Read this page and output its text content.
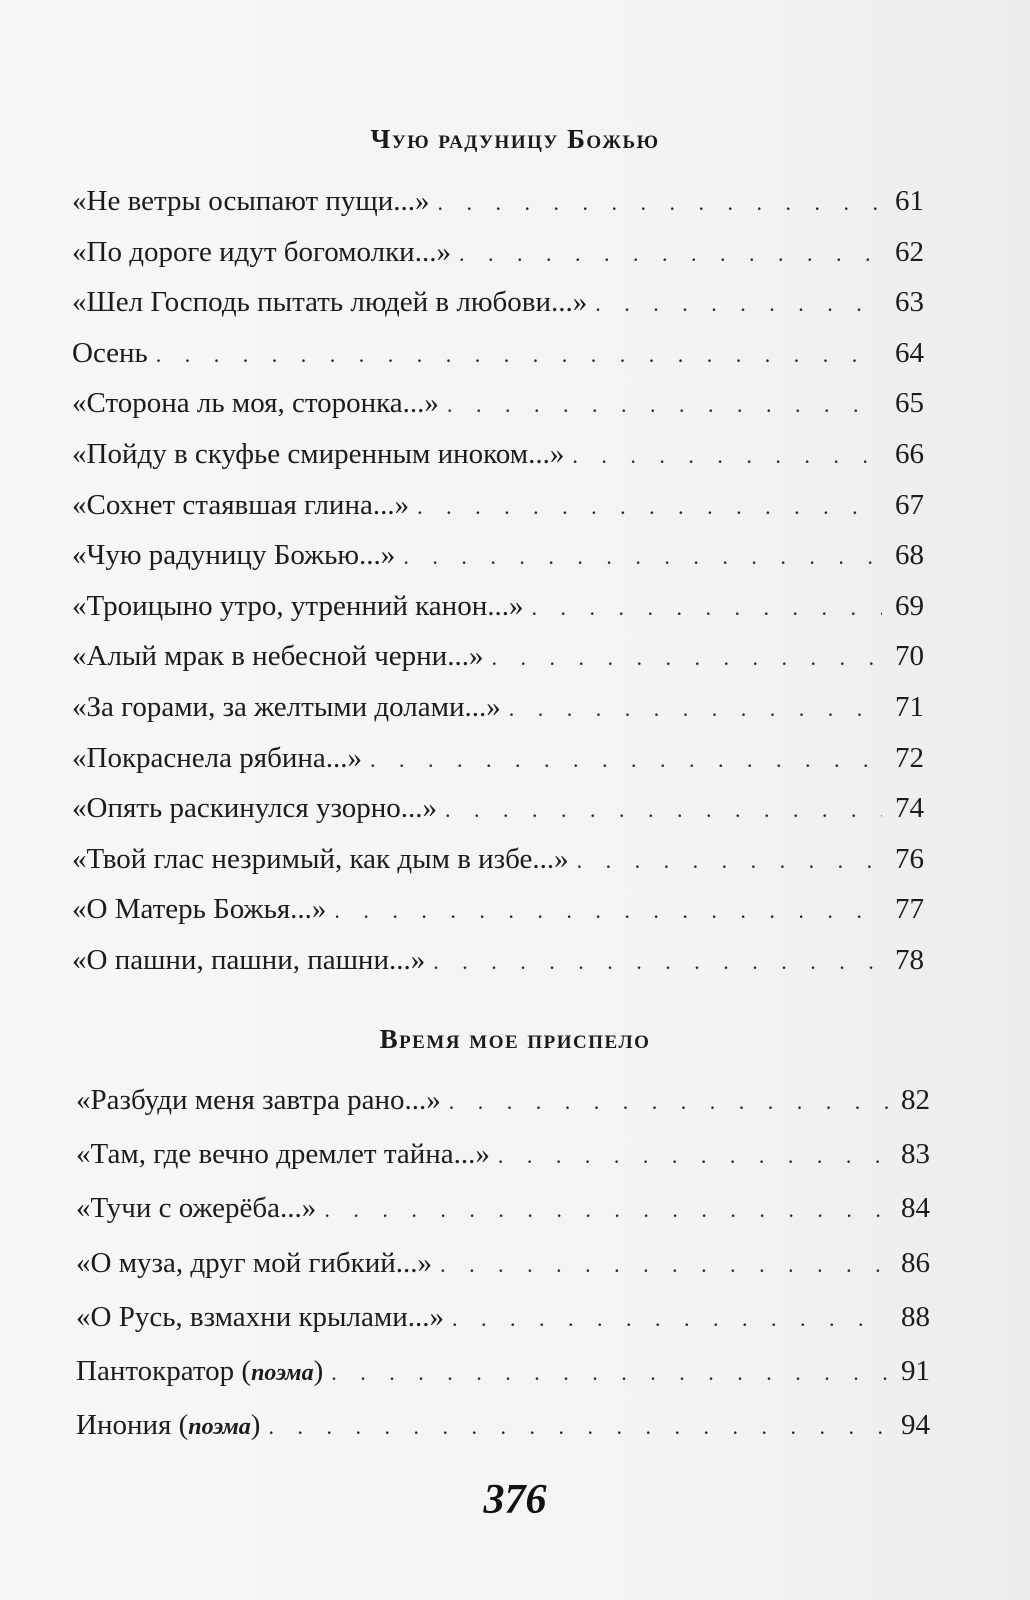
Чую радуницу Божью
«Не ветры осыпают пущи...» . . .	61
«По дороге идут богомолки...» . . .	62
«Шел Господь пытать людей в любови...» . . .	63
Осень . . .	64
«Сторона ль моя, сторонка...» . . .	65
«Пойду в скуфье смиренным иноком...» . . .	66
«Сохнет стаявшая глина...» . . .	67
«Чую радуницу Божью...» . . .	68
«Троицыно утро, утренний канон...» . . .	69
«Алый мрак в небесной черни...» . . .	70
«За горами, за желтыми долами...» . . .	71
«Покраснела рябина...» . . .	72
«Опять раскинулся узорно...» . . .	74
«Твой глас незримый, как дым в избе...» . . .	76
«О Матерь Божья...» . . .	77
«О пашни, пашни, пашни...» . . .	78
Время мое приспело
«Разбуди меня завтра рано...» . . .	82
«Там, где вечно дремлет тайна...» . . .	83
«Тучи с ожерёба...» . . .	84
«О муза, друг мой гибкий...» . . .	86
«О Русь, взмахни крылами...» . . .	88
Пантократор (поэма) . . .	91
Инония (поэма) . . .	94
376
